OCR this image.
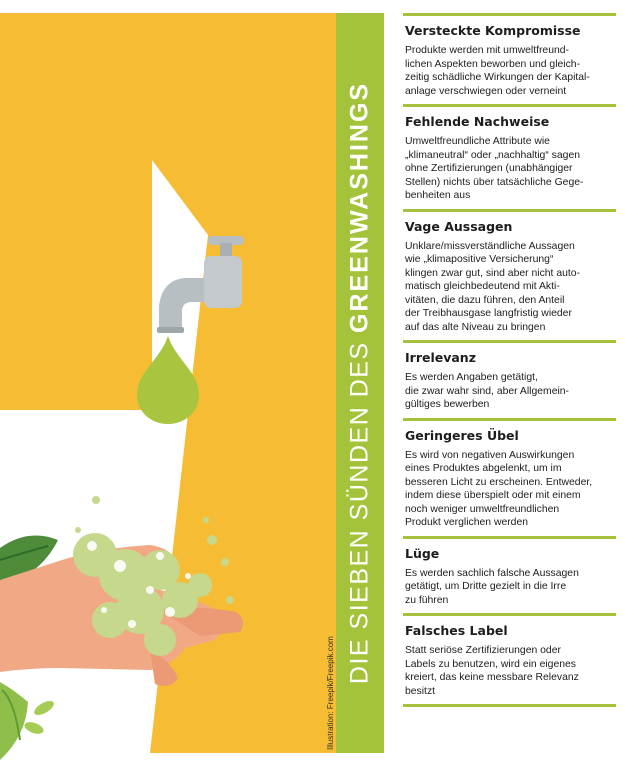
DIE SIEBEN SÜNDEN DES GREENWASHINGS
Illustration: Freepik/Freepik.com
Versteckte Kompromisse
Produkte werden mit umweltfreund-
lichen Aspekten beworben und gleich-
zeitig schädliche Wirkungen der Kapital-
anlage verschwiegen oder verneint
Fehlende Nachweise
Umweltfreundliche Attribute wie
„klimaneutral“ oder „nachhaltig“ sagen
ohne Zertifizierungen (unabhängiger
Stellen) nichts über tatsächliche Gege-
benheiten aus
Vage Aussagen
Unklare/missverständliche Aussagen
wie „klimapositive Versicherung“
klingen zwar gut, sind aber nicht auto-
matisch gleichbedeutend mit Akti-
vitäten, die dazu führen, den Anteil
der Treibhausgase langfristig wieder
auf das alte Niveau zu bringen
Irrelevanz
Es werden Angaben getätigt,
die zwar wahr sind, aber Allgemein-
gültiges bewerben
Geringeres Übel
Es wird von negativen Auswirkungen
eines Produktes abgelenkt, um im
besseren Licht zu erscheinen. Entweder,
indem diese überspielt oder mit einem
noch weniger umweltfreundlichen
Produkt verglichen werden
Lüge
Es werden sachlich falsche Aussagen
getätigt, um Dritte gezielt in die Irre
zu führen
Falsches Label
Statt seriöse Zertifizierungen oder
Labels zu benutzen, wird ein eigenes
kreiert, das keine messbare Relevanz
besitzt
